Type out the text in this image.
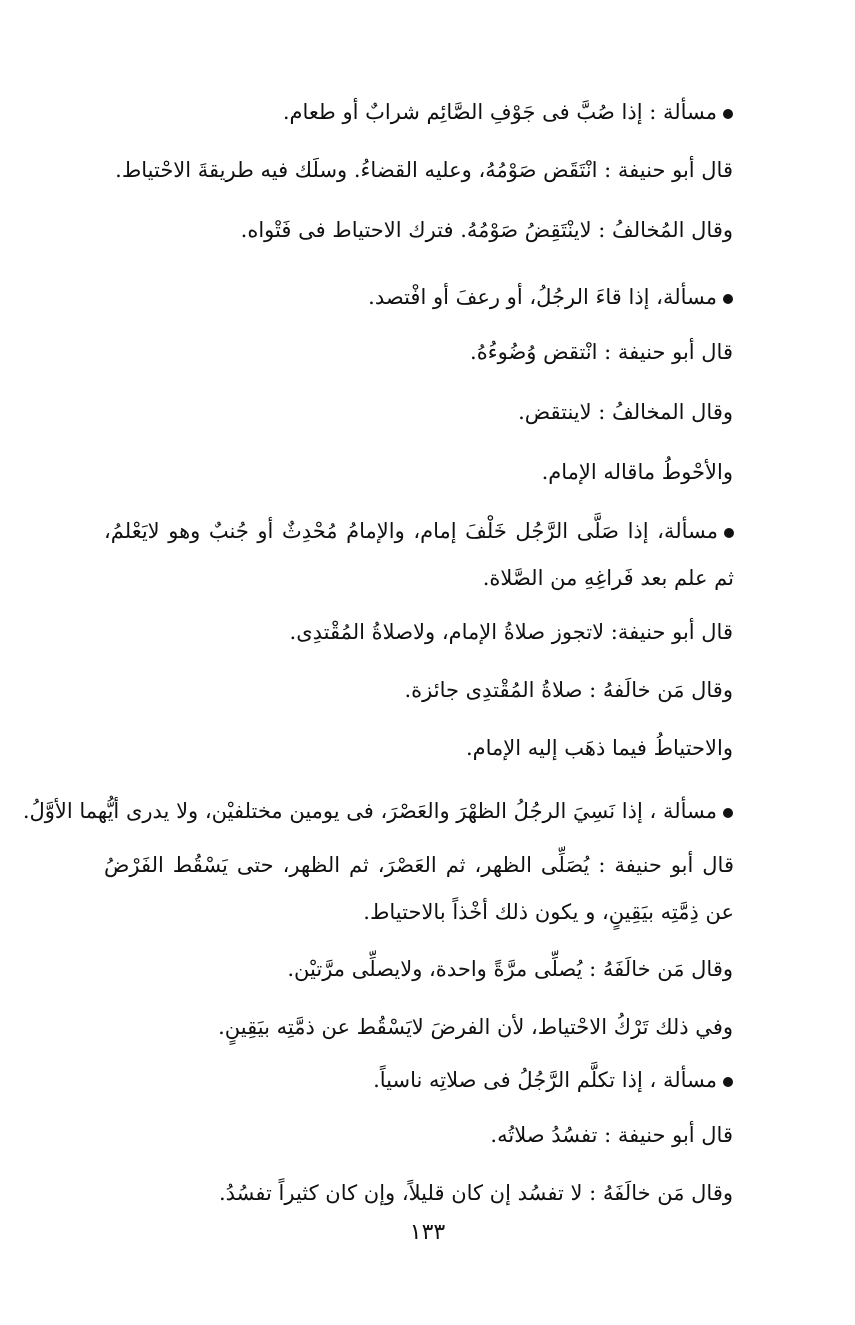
مسألة : إذا صُبَّ فى جَوْفِ الصَّائِم شرابٌ أو طعام.
قال أبو حنيفة : انْتَقَض صَوْمُهُ، وعليه القضاءُ. وسلَك فيه طريقةَ الاحْتياط.
وقال المُخالفُ : لاينْتَقِضُ صَوْمُهُ. فترك الاحتياط فى فَتْواه.
مسألة، إذا قاءَ الرجُلُ، أو رعفَ أو افْتصد.
قال أبو حنيفة : انْتقض وُضُوءُهُ.
وقال المخالفُ : لاينتقض.
والأحْوطُ ماقاله الإمام.
مسألة، إذا صَلَّى الرَّجُل خَلْفَ إمام، والإمامُ مُحْدِثٌ أو جُنبٌ وهو لايَعْلمُ، ثم علم بعد فَراغِهِ من الصَّلاة.
قال أبو حنيفة: لاتجوز صلاةُ الإمام، ولاصلاةُ المُقْتدِى.
وقال مَن خالَفهُ : صلاةُ المُقْتدِى جائزة.
والاحتياطُ فيما ذهَب إليه الإمام.
مسألة ، إذا نَسِيَ الرجُلُ الظهْرَ والعَصْرَ، فى يومين مختلفيْن، ولا يدرى أيُّهما الأوَّلُ.
قال أبو حنيفة : يُصَلِّى الظهر، ثم العَصْرَ، ثم الظهر، حتى يَسْقُط الفَرْضُ عن ذِمَّتِه بيَقِينٍ، و يكون ذلك أخْذاً بالاحتياط.
وقال مَن خالَفَهُ : يُصلِّى مرَّةً واحدة، ولايصلِّى مرَّتيْن.
وفي ذلك تَرْكُ الاحْتياط، لأن الفرضَ لايَسْقُط عن ذمَّتِه بيَقِينٍ.
مسألة ، إذا تكلَّم الرَّجُلُ فى صلاتِه ناسياً.
قال أبو حنيفة : تفسُدُ صلاتُه.
وقال مَن خالَفَهُ : لا تفسُد إن كان قليلاً، وإن كان كثيراً تفسُدُ.
١٣٣
